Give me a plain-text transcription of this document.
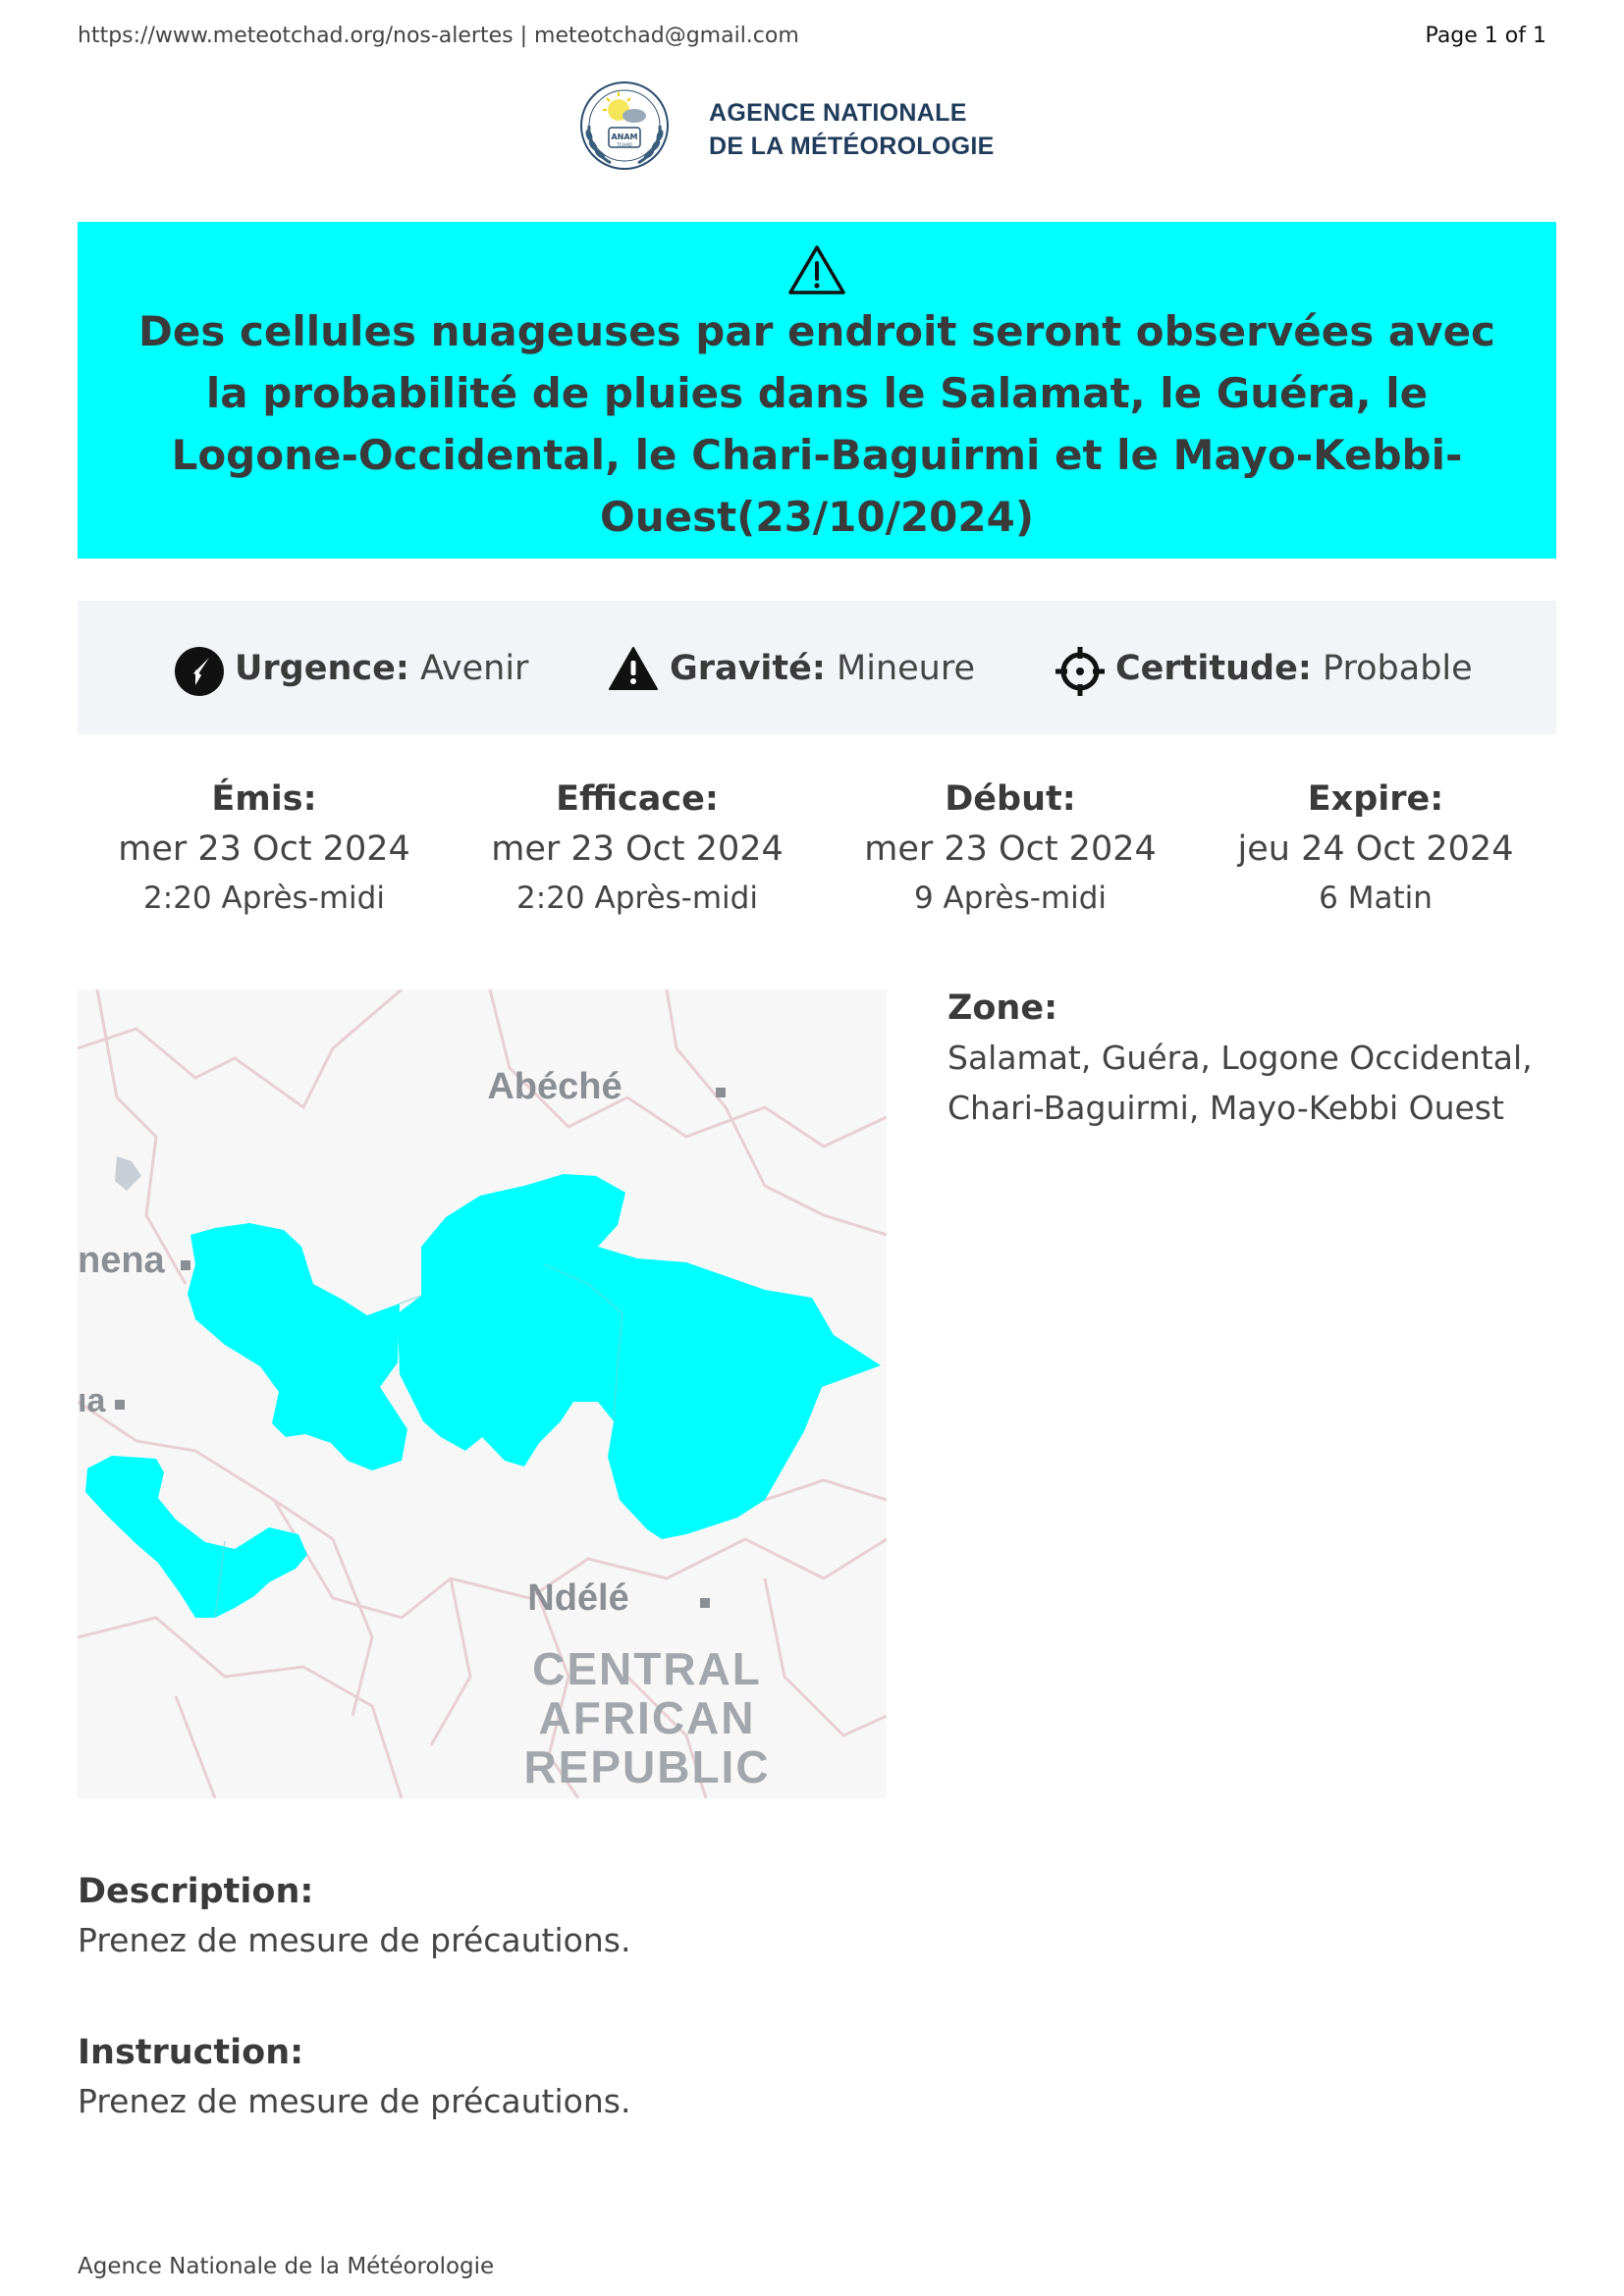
https://www.meteotchad.org/nos-alertes | meteotchad@gmail.com	Page 1 of 1
ANAM
TCHAD
AGENCE NATIONALE
DE LA MÉTÉOROLOGIE
Des cellules nuageuses par endroit seront observées avec la probabilité de pluies dans le Salamat, le Guéra, le Logone-Occidental, le Chari-Baguirmi et le Mayo-Kebbi-Ouest(23/10/2024)
Urgence: Avenir	Gravité: Mineure	Certitude: Probable
Émis:
mer 23 Oct 2024
2:20 Après-midi
Efficace:
mer 23 Oct 2024
2:20 Après-midi
Début:
mer 23 Oct 2024
9 Après-midi
Expire:
jeu 24 Oct 2024
6 Matin
Abéché
nena
ıa
Ndélé
CENTRAL
AFRICAN
REPUBLIC
Zone:
Salamat, Guéra, Logone Occidental, Chari-Baguirmi, Mayo-Kebbi Ouest
Description:
Prenez de mesure de précautions.
Instruction:
Prenez de mesure de précautions.
Agence Nationale de la Météorologie
